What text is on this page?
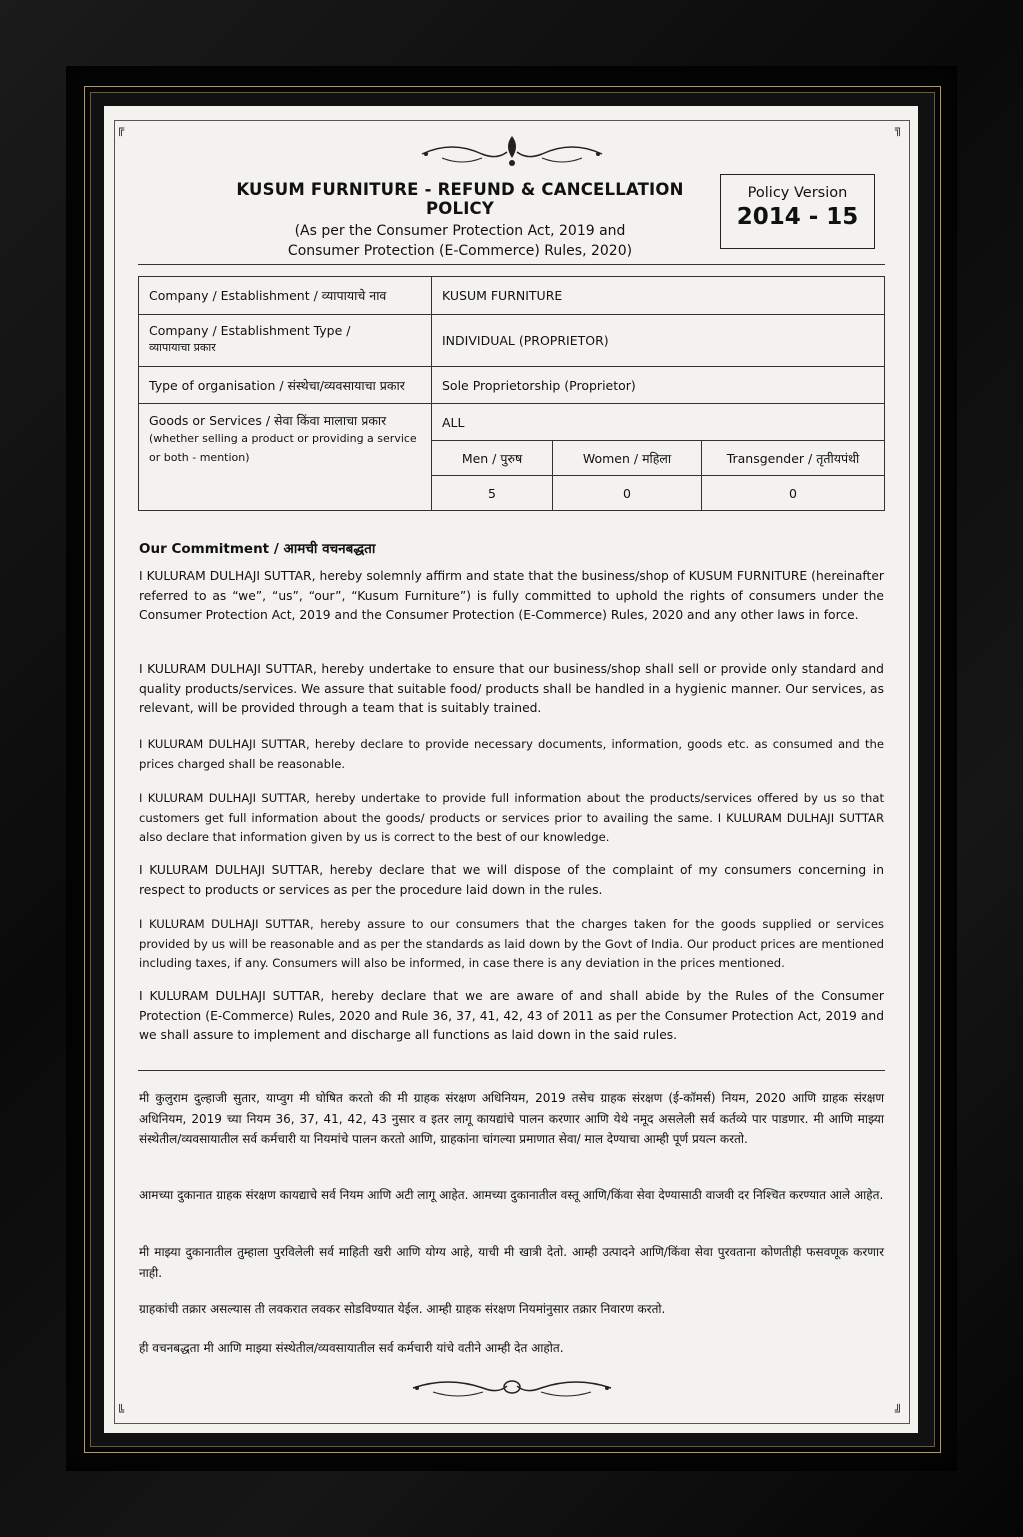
╔	╗
╚	╝
KUSUM FURNITURE - REFUND & CANCELLATION POLICY
(As per the Consumer Protection Act, 2019 and
Consumer Protection (E-Commerce) Rules, 2020)
Policy Version
2014 - 15
Company / Establishment / व्यापायाचे नाव	KUSUM FURNITURE		

Company / Establishment Type /
व्यापायाचा प्रकार	INDIVIDUAL (PROPRIETOR)		
Type of organisation / संस्थेचा/व्यवसायाचा प्रकार	Sole Proprietorship (Proprietor)		

Goods or Services / सेवा किंवा मालाचा प्रकार
(whether selling a product or providing a service
or both - mention)	ALL		
	Men / पुरुष	Women / महिला	Transgender / तृतीयपंथी
	5	0	0
Our Commitment / आमची वचनबद्धता
I KULURAM DULHAJI SUTTAR, hereby solemnly affirm and state that the business/shop of KUSUM FURNITURE (hereinafter referred to as “we”, “us”, “our”, “Kusum Furniture”) is fully committed to uphold the rights of consumers under the Consumer Protection Act, 2019 and the Consumer Protection (E-Commerce) Rules, 2020 and any other laws in force.
I KULURAM DULHAJI SUTTAR, hereby undertake to ensure that our business/shop shall sell or provide only standard and quality products/services. We assure that suitable food/ products shall be handled in a hygienic manner. Our services, as relevant, will be provided through a team that is suitably trained.
I KULURAM DULHAJI SUTTAR, hereby declare to provide necessary documents, information, goods etc. as consumed and the prices charged shall be reasonable.
I KULURAM DULHAJI SUTTAR, hereby undertake to provide full information about the products/services offered by us so that customers get full information about the goods/ products or services prior to availing the same. I KULURAM DULHAJI SUTTAR also declare that information given by us is correct to the best of our knowledge.
I KULURAM DULHAJI SUTTAR, hereby declare that we will dispose of the complaint of my consumers concerning in respect to products or services as per the procedure laid down in the rules.
I KULURAM DULHAJI SUTTAR, hereby assure to our consumers that the charges taken for the goods supplied or services provided by us will be reasonable and as per the standards as laid down by the Govt of India. Our product prices are mentioned including taxes, if any. Consumers will also be informed, in case there is any deviation in the prices mentioned.
I KULURAM DULHAJI SUTTAR, hereby declare that we are aware of and shall abide by the Rules of the Consumer Protection (E-Commerce) Rules, 2020 and Rule 36, 37, 41, 42, 43 of 2011 as per the Consumer Protection Act, 2019 and we shall assure to implement and discharge all functions as laid down in the said rules.
मी कुलुराम दुल्हाजी सुतार, याप्वुग मी घोषित करतो की मी ग्राहक संरक्षण अधिनियम, 2019 तसेच ग्राहक संरक्षण (ई-कॉमर्स) नियम, 2020 आणि ग्राहक संरक्षण अधिनियम, 2019 च्या नियम 36, 37, 41, 42, 43 नुसार व इतर लागू कायद्यांचे पालन करणार आणि येथे नमूद असलेली सर्व कर्तव्ये पार पाडणार. मी आणि माझ्या संस्थेतील/व्यवसायातील सर्व कर्मचारी या नियमांचे पालन करतो आणि, ग्राहकांना चांगल्या प्रमाणात सेवा/ माल देण्याचा आम्ही पूर्ण प्रयत्न करतो.
आमच्या दुकानात ग्राहक संरक्षण कायद्याचे सर्व नियम आणि अटी लागू आहेत. आमच्या दुकानातील वस्तू आणि/किंवा सेवा देण्यासाठी वाजवी दर निश्चित करण्यात आले आहेत.
मी माझ्या दुकानातील तुम्हाला पुरविलेली सर्व माहिती खरी आणि योग्य आहे, याची मी खात्री देतो. आम्ही उत्पादने आणि/किंवा सेवा पुरवताना कोणतीही फसवणूक करणार नाही.
ग्राहकांची तक्रार असल्यास ती लवकरात लवकर सोडविण्यात येईल. आम्ही ग्राहक संरक्षण नियमांनुसार तक्रार निवारण करतो.
ही वचनबद्धता मी आणि माझ्या संस्थेतील/व्यवसायातील सर्व कर्मचारी यांचे वतीने आम्ही देत आहोत.
